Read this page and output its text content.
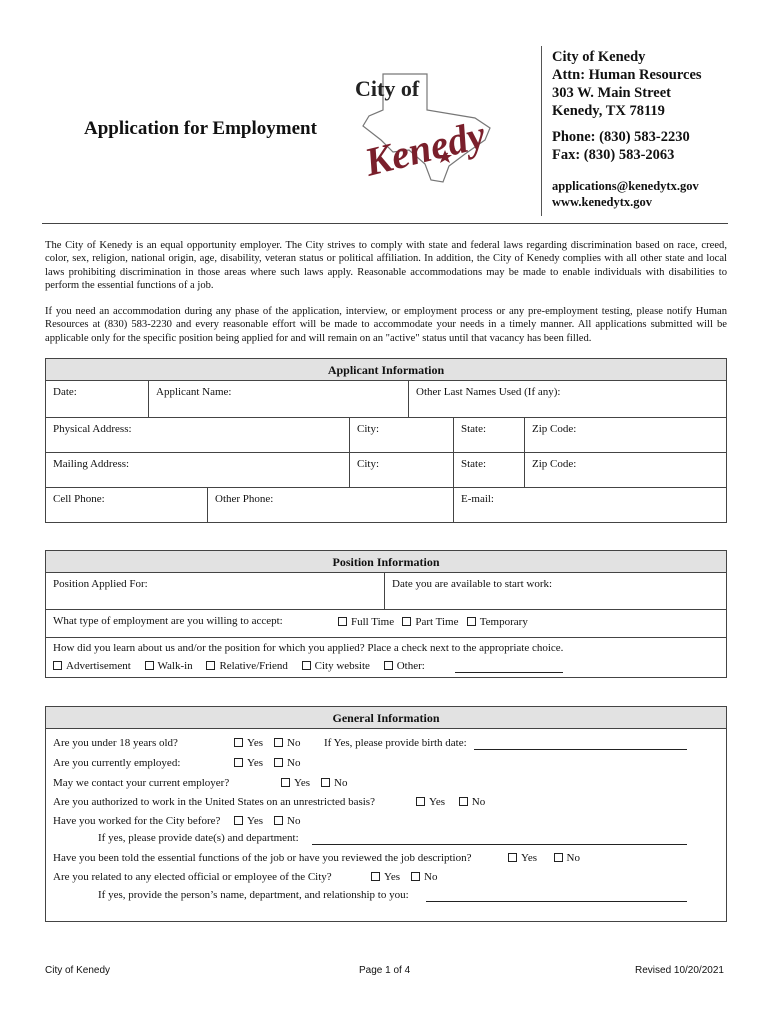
Application for Employment
City of
Kenedy
City of Kenedy
Attn: Human Resources
303 W. Main Street
Kenedy, TX 78119
Phone: (830) 583-2230
Fax: (830) 583-2063
applications@kenedytx.gov
www.kenedytx.gov
The City of Kenedy is an equal opportunity employer. The City strives to comply with state and federal laws regarding discrimination based on race, creed, color, sex, religion, national origin, age, disability, veteran status or political affiliation. In addition, the City of Kenedy complies with all other state and local laws prohibiting discrimination in those areas where such laws apply. Reasonable accommodations may be made to enable individuals with disabilities to perform the essential functions of a job.
If you need an accommodation during any phase of the application, interview, or employment process or any pre-employment testing, please notify Human Resources at (830) 583-2230 and every reasonable effort will be made to accommodate your needs in a timely manner. All applications submitted will be applicable only for the specific position being applied for and will remain on an "active" status until that vacancy has been filled.
Applicant Information
Date:	Applicant Name:	Other Last Names Used (If any):
Physical Address:	City:	State:	Zip Code:
Mailing Address:	City:	State:	Zip Code:
Cell Phone:	Other Phone:	E-mail:
Position Information
Position Applied For:	Date you are available to start work:
What type of employment are you willing to accept:	Full Time Part Time Temporary
How did you learn about us and/or the position for which you applied? Place a check next to the appropriate choice.
Advertisement Walk-in Relative/Friend City website Other:
General Information
Are you under 18 years old?	Yes No If Yes, please provide birth date:
Are you currently employed:	Yes No
May we contact your current employer?	Yes No
Are you authorized to work in the United States on an unrestricted basis?	Yes No
Have you worked for the City before?	Yes No
If yes, please provide date(s) and department:
Have you been told the essential functions of the job or have you reviewed the job description?	Yes	No
Are you related to any elected official or employee of the City?	Yes No
If yes, provide the person’s name, department, and relationship to you:
City of Kenedy	Page 1 of 4	Revised 10/20/2021
